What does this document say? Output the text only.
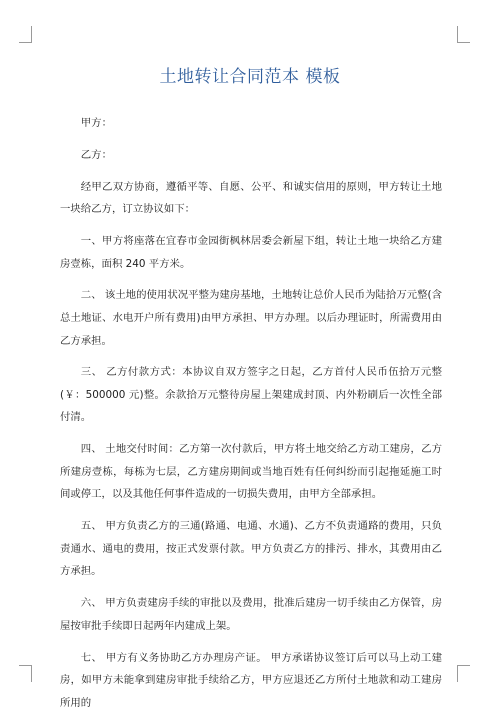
土地转让合同范本 模板

甲方：

乙方：

经甲乙双方协商，遵循平等、自愿、公平、和诚实信用的原则，甲方转让土地一块给乙方，订立协议如下：

一、甲方将座落在宜春市金园街枫林居委会新屋下组，转让土地一块给乙方建房壹栋，面积 240 平方米。

二、 该土地的使用状况平整为建房基地，土地转让总价人民币为陆拾万元整(含总土地证、水电开户所有费用)由甲方承担、甲方办理。以后办理证时，所需费用由乙方承担。

三、 乙方付款方式：本协议自双方签字之日起，乙方首付人民币伍拾万元整(￥：500000 元)整。余款拾万元整待房屋上架建成封顶、内外粉刷后一次性全部付清。

四、 土地交付时间：乙方第一次付款后，甲方将土地交给乙方动工建房，乙方所建房壹栋，每栋为七层，乙方建房期间或当地百姓有任何纠纷而引起拖延施工时间或停工，以及其他任何事件造成的一切损失费用，由甲方全部承担。

五、 甲方负责乙方的三通(路通、电通、水通)、乙方不负责通路的费用，只负责通水、通电的费用，按正式发票付款。甲方负责乙方的排污、排水，其费用由乙方承担。

六、 甲方负责建房手续的审批以及费用，批准后建房一切手续由乙方保管，房屋按审批手续即日起两年内建成上架。

七、 甲方有义务协助乙方办理房产证。 甲方承诺协议签订后可以马上动工建房，如甲方未能拿到建房审批手续给乙方，甲方应退还乙方所付土地款和动工建房所用的
